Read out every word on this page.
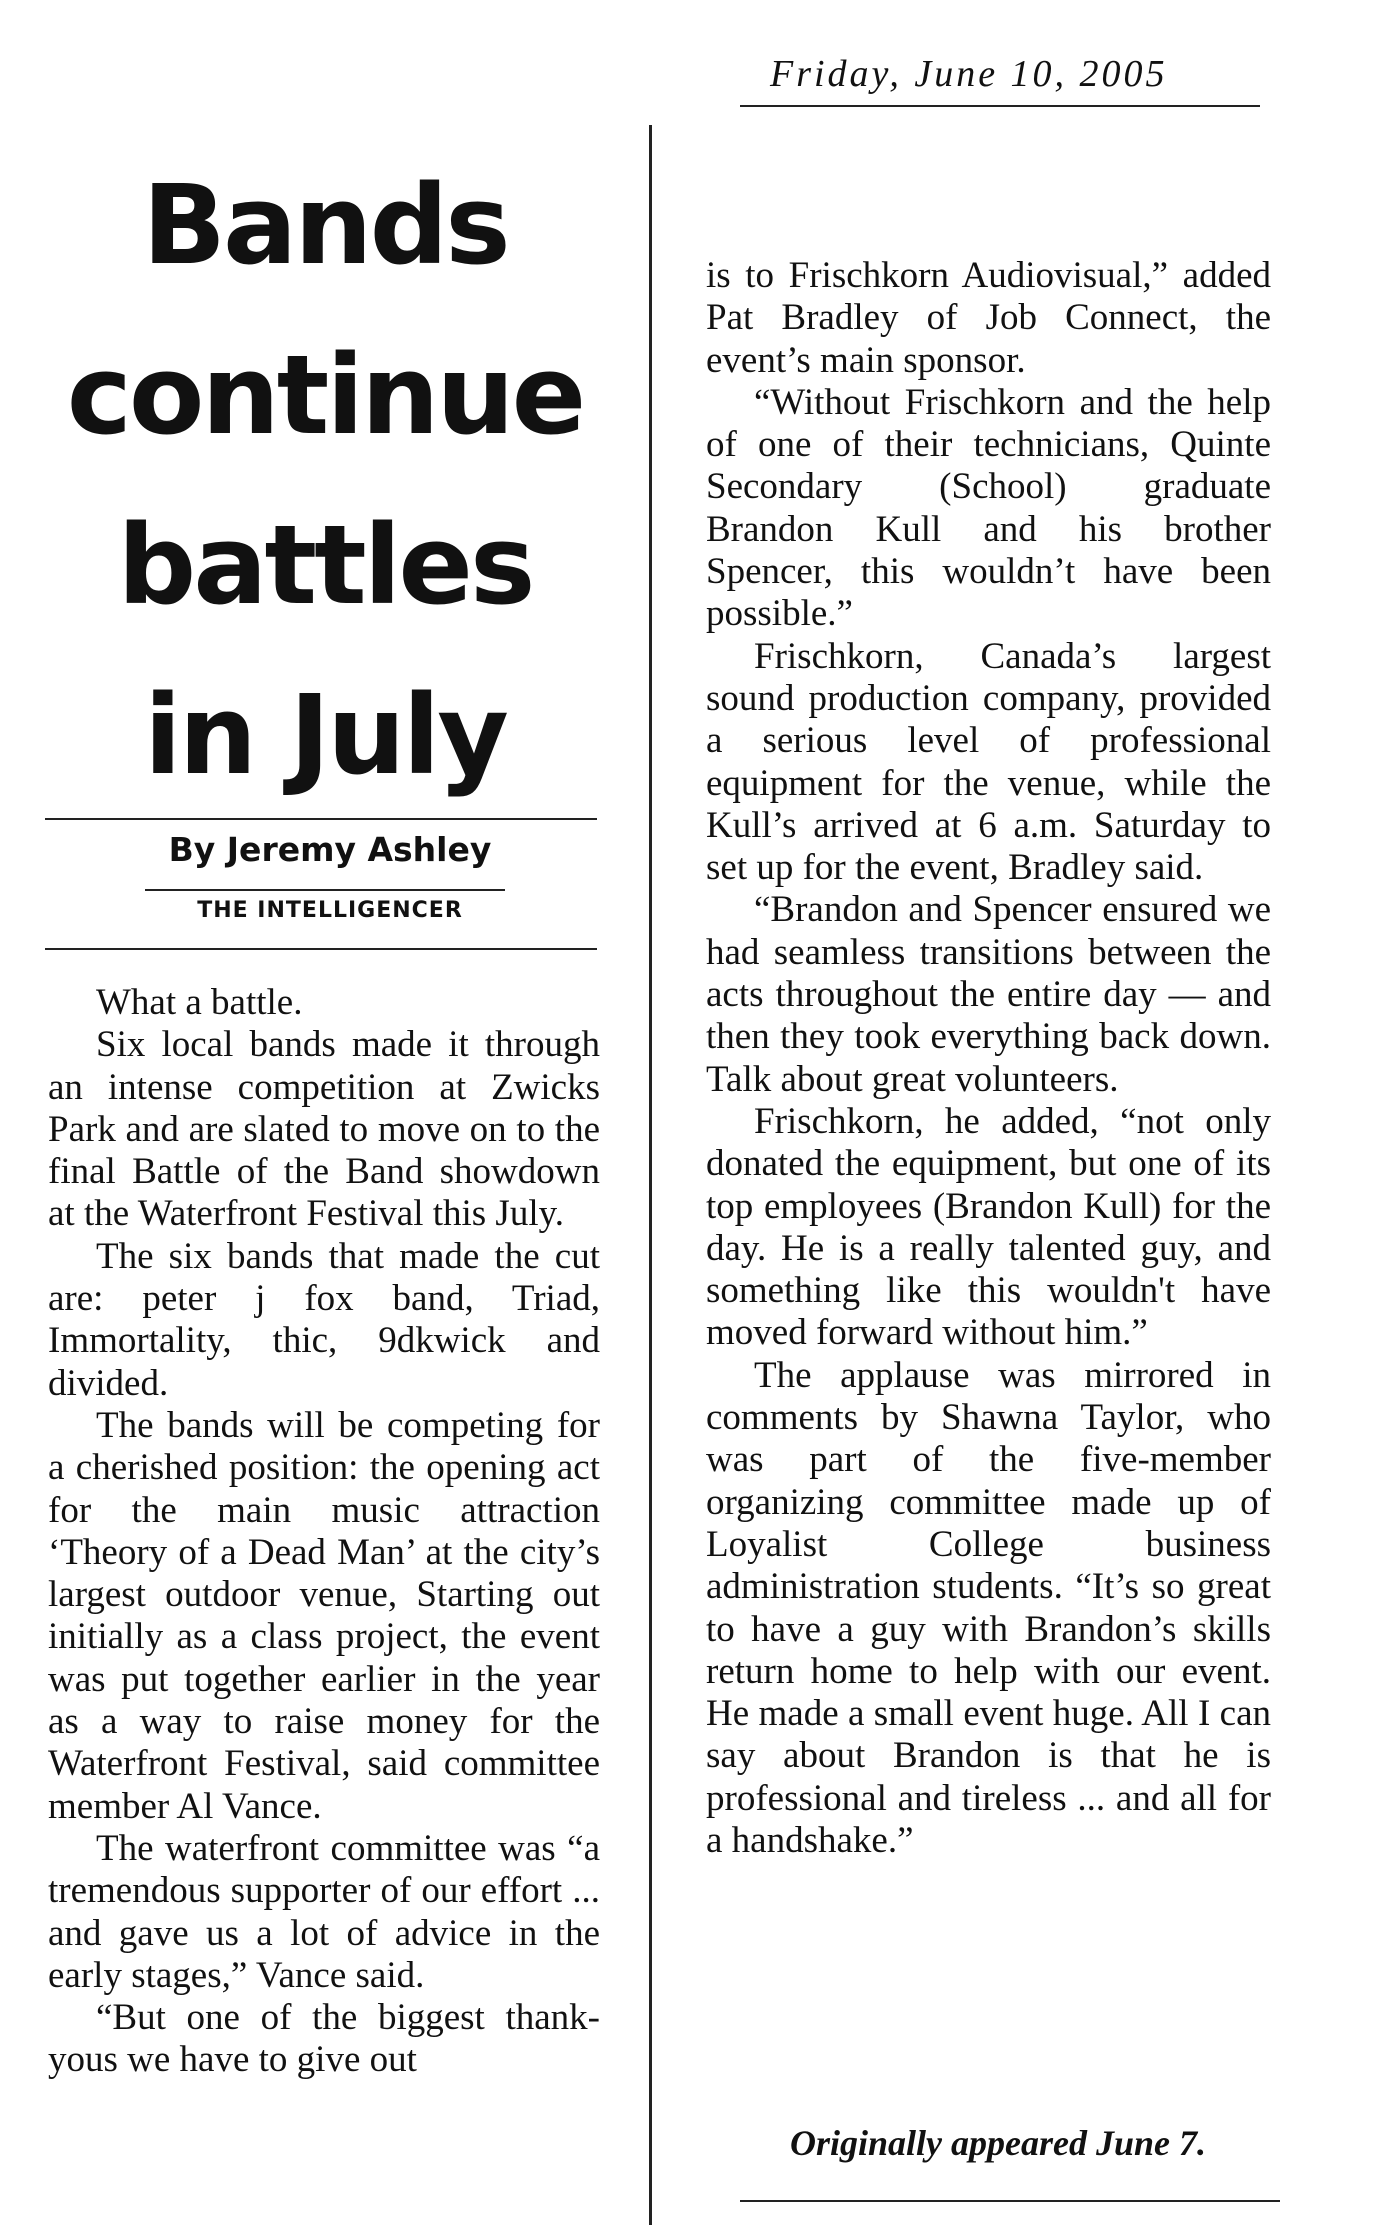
Friday, June 10, 2005
Bands
continue
battles
in July
By Jeremy Ashley
THE INTELLIGENCER

What a battle.

Six local bands made it through an intense competition at Zwicks Park and are slated to move on to the final Battle of the Band showdown at the Waterfront Festival this July.

The six bands that made the cut are: peter j fox band, Triad, Immortality, thic, 9dkwick and divided.

The bands will be competing for a cherished position: the opening act for the main music attraction ‘Theory of a Dead Man’ at the city’s largest outdoor venue, Starting out initially as a class project, the event was put together earlier in the year as a way to raise money for the Waterfront Festival, said committee member Al Vance.

The waterfront committee was “a tremendous supporter of our effort ... and gave us a lot of advice in the early stages,” Vance said.

“But one of the biggest thank-yous we have to give out

is to Frischkorn Audiovisual,” added Pat Bradley of Job Connect, the event’s main sponsor.

“Without Frischkorn and the help of one of their technicians, Quinte Secondary (School) graduate Brandon Kull and his brother Spencer, this wouldn’t have been possible.”

Frischkorn, Canada’s largest sound production company, provided a serious level of professional equipment for the venue, while the Kull’s arrived at 6 a.m. Saturday to set up for the event, Bradley said.

“Brandon and Spencer ensured we had seamless transitions between the acts throughout the entire day — and then they took everything back down. Talk about great volunteers.

Frischkorn, he added, “not only donated the equipment, but one of its top employees (Brandon Kull) for the day. He is a really talented guy, and something like this wouldn't have moved forward without him.”

The applause was mirrored in comments by Shawna Taylor, who was part of the five-member organizing committee made up of Loyalist College business administration students. “It’s so great to have a guy with Brandon’s skills return home to help with our event. He made a small event huge. All I can say about Brandon is that he is professional and tireless ... and all for a handshake.”

Originally appeared June 7.
